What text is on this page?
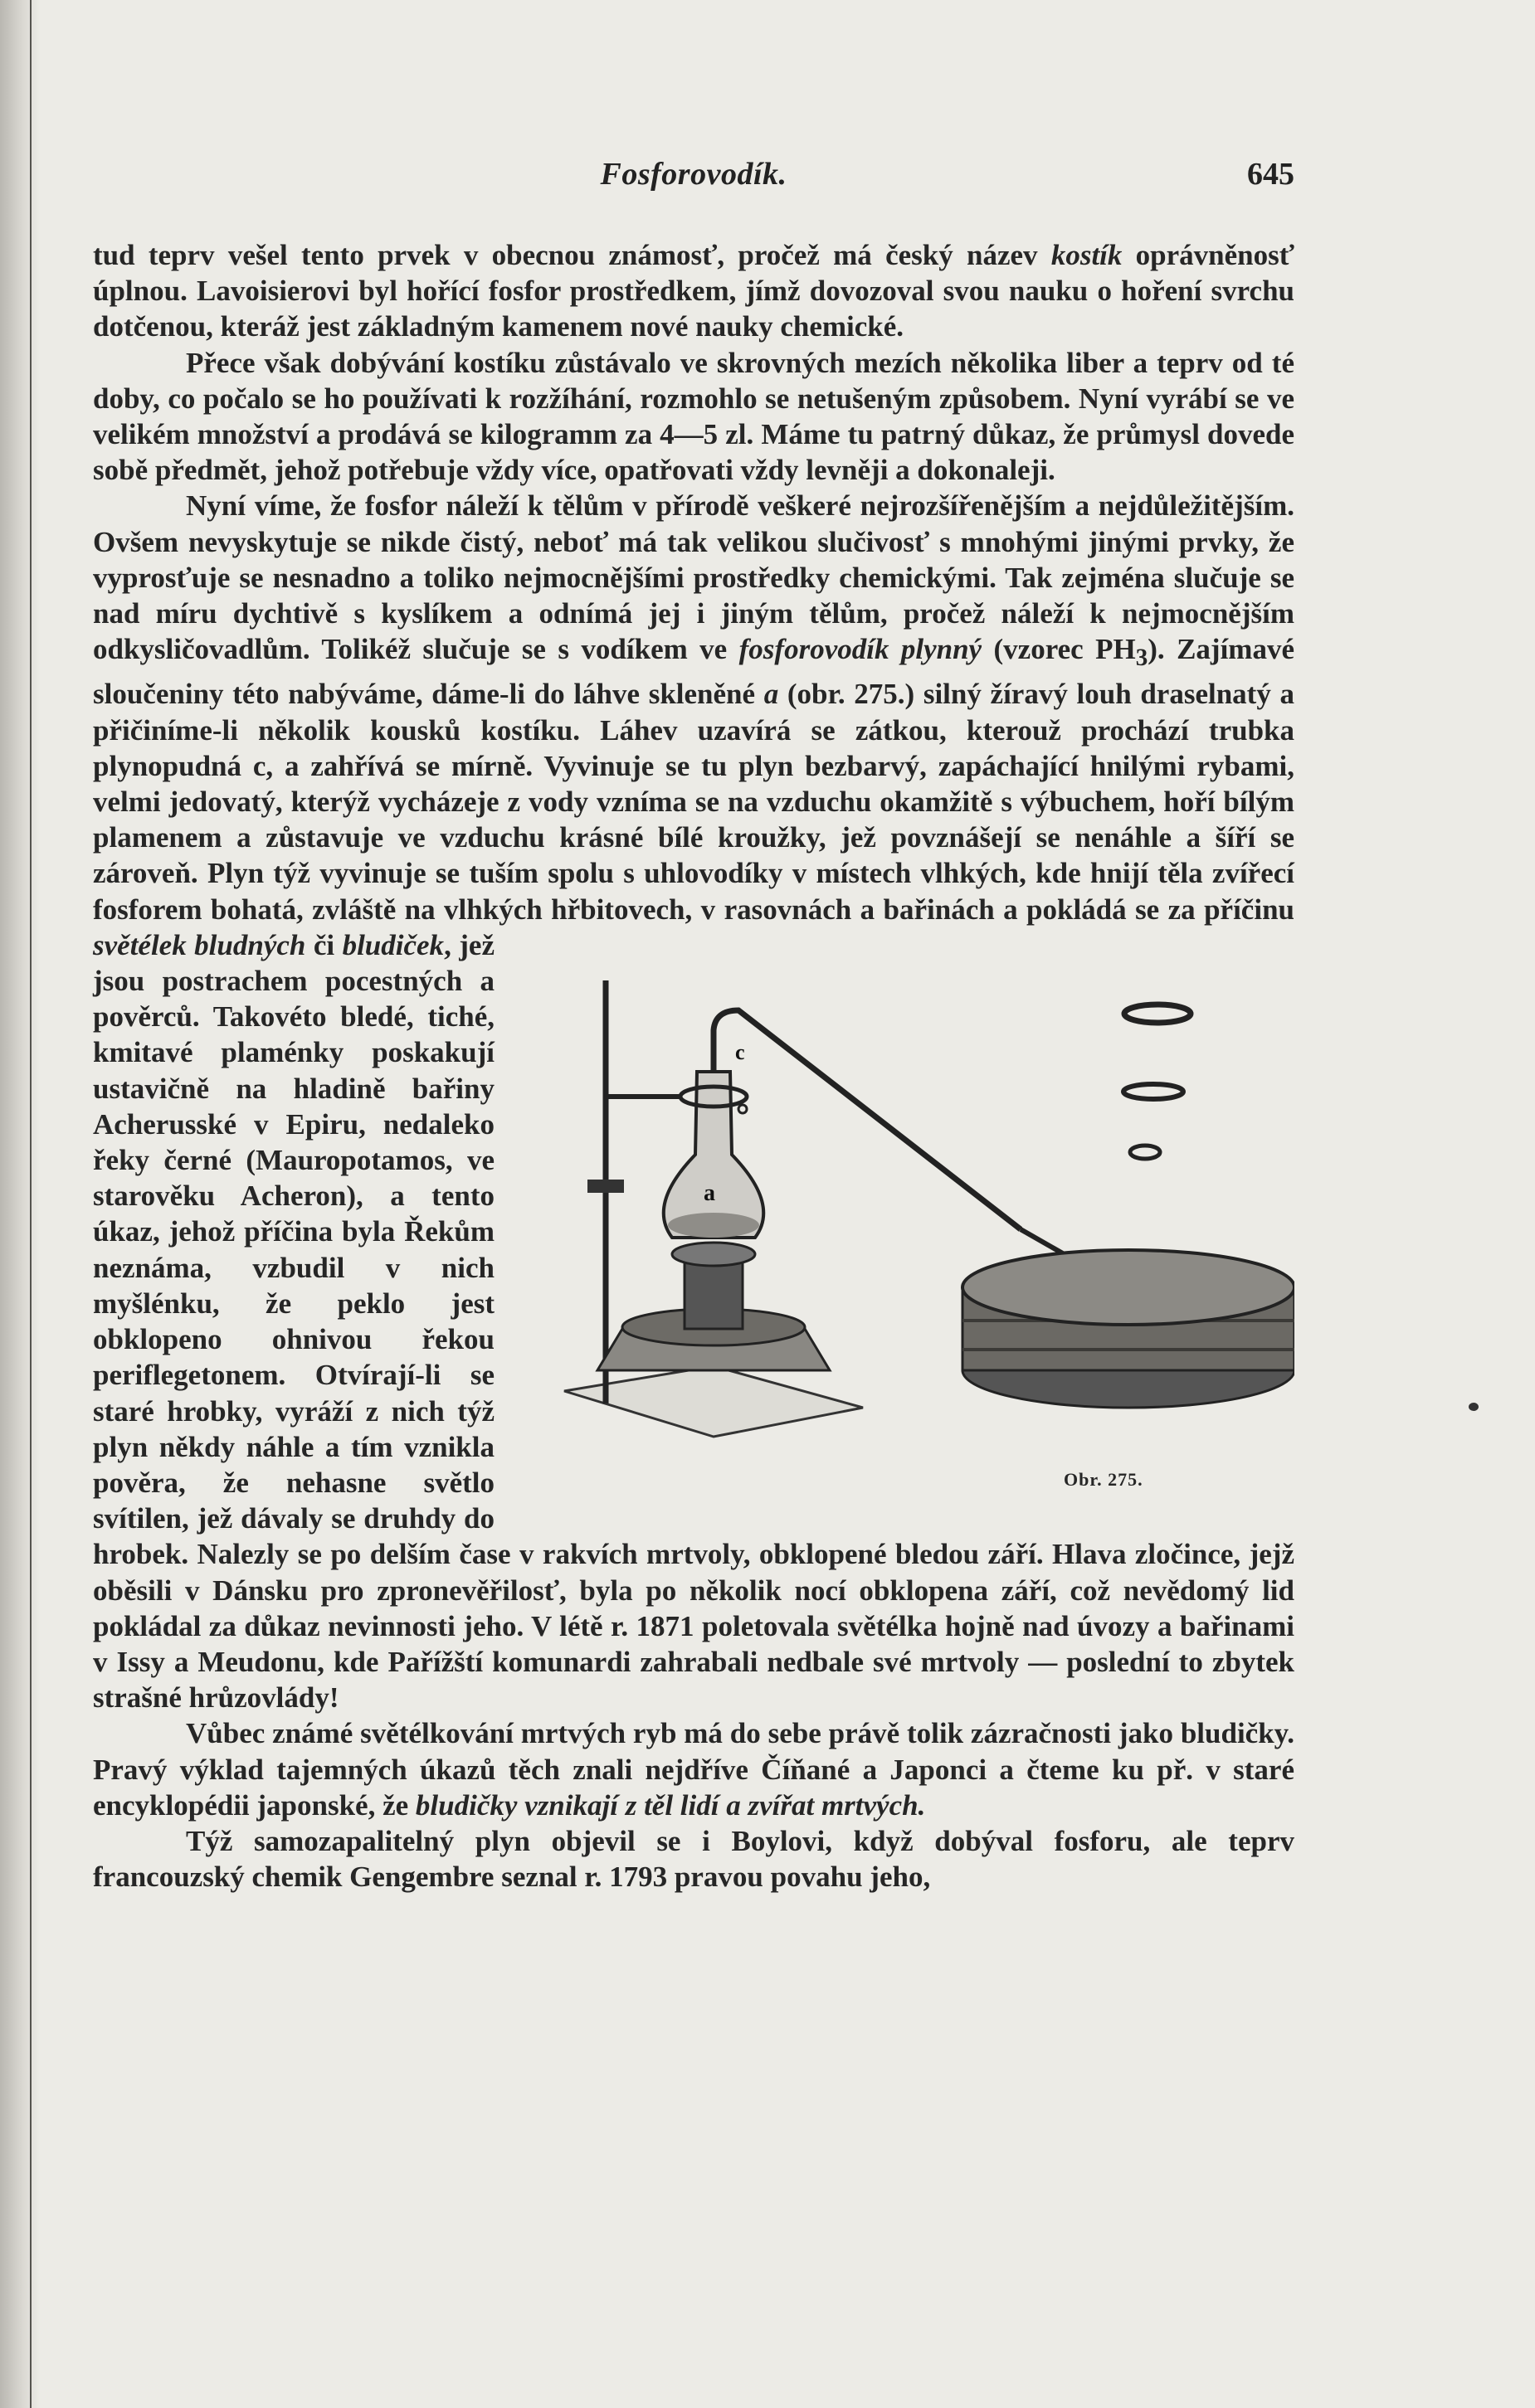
Fosforovodík.	645

tud teprv vešel tento prvek v obecnou známosť, pročež má český název kostík oprávněnosť úplnou. Lavoisierovi byl hořící fosfor prostředkem, jímž dovozoval svou nauku o hoření svrchu dotčenou, kteráž jest základným kamenem nové nauky chemické.

Přece však dobývání kostíku zůstávalo ve skrovných mezích několika liber a teprv od té doby, co počalo se ho používati k rozžíhání, rozmohlo se netušeným způsobem. Nyní vyrábí se ve velikém množství a prodává se kilogramm za 4—5 zl. Máme tu patrný důkaz, že průmysl dovede sobě předmět, jehož potřebuje vždy více, opatřovati vždy levněji a dokonaleji.

Nyní víme, že fosfor náleží k tělům v přírodě veškeré nejrozšířenějším a nejdůležitějším. Ovšem nevyskytuje se nikde čistý, neboť má tak velikou slučivosť s mnohými jinými prvky, že vyprosťuje se nesnadno a toliko nejmocnějšími prostředky chemickými. Tak zejména slučuje se nad míru dychtivě s kyslíkem a odnímá jej i jiným tělům, pročež náleží k nejmocnějším odkysličovadlům. Tolikéž slučuje se s vodíkem ve fosforovodík plynný (vzorec $PH_3$). Zajímavé sloučeniny této nabýváme, dáme-li do láhve skleněné a (obr. 275.) silný žíravý louh draselnatý a přičiníme-li několik kousků kostíku. Láhev uzavírá se zátkou, kterouž prochází trubka plynopudná c, a zahřívá se mírně. Vyvinuje se tu plyn bezbarvý, zapáchající hnilými rybami, velmi jedovatý, kterýž vycházeje z vody vzníma se na vzduchu okamžitě s výbuchem, hoří bílým plamenem a zůstavuje ve vzduchu krásné bílé kroužky, jež povznášejí se nenáhle a šíří se zároveň. Plyn týž vyvinuje se tuším spolu s uhlovodíky v místech vlhkých, kde hnijí těla zvířecí fosforem bohatá, zvláště na vlhkých hřbitovech, v rasovnách a bařinách a pokládá se za příčinu
a
c
Obr. 275.
světélek bludných či bludiček, jež jsou postrachem pocestných a pověrců. Takovéto bledé, tiché, kmitavé plaménky poskakují ustavičně na hladině bařiny Acherusské v Epiru, nedaleko řeky černé (Mauropotamos, ve starověku Acheron), a tento úkaz, jehož příčina byla Řekům neznáma, vzbudil v nich myšlénku, že peklo jest obklopeno ohnivou řekou periflegetonem. Otvírají-li se staré hrobky, vyráží z nich týž plyn někdy náhle a tím vznikla pověra, že nehasne světlo svítilen, jež dávaly se druhdy do hrobek. Nalezly se po delším čase v rakvích mrtvoly, obklopené bledou září. Hlava zločince, jejž oběsili v Dánsku pro zpronevěřilosť, byla po několik nocí obklopena září, což nevědomý lid pokládal za důkaz nevinnosti jeho. V létě r. 1871 poletovala světélka hojně nad úvozy a bařinami v Issy a Meudonu, kde Pařížští komunardi zahrabali nedbale své mrtvoly — poslední to zbytek strašné hrůzovlády!

Vůbec známé světélkování mrtvých ryb má do sebe právě tolik zázračnosti jako bludičky. Pravý výklad tajemných úkazů těch znali nejdříve Číňané a Japonci a čteme ku př. v staré encyklopédii japonské, že bludičky vznikají z těl lidí a zvířat mrtvých.

Týž samozapalitelný plyn objevil se i Boylovi, když dobýval fosforu, ale teprv francouzský chemik Gengembre seznal r. 1793 pravou povahu jeho,
